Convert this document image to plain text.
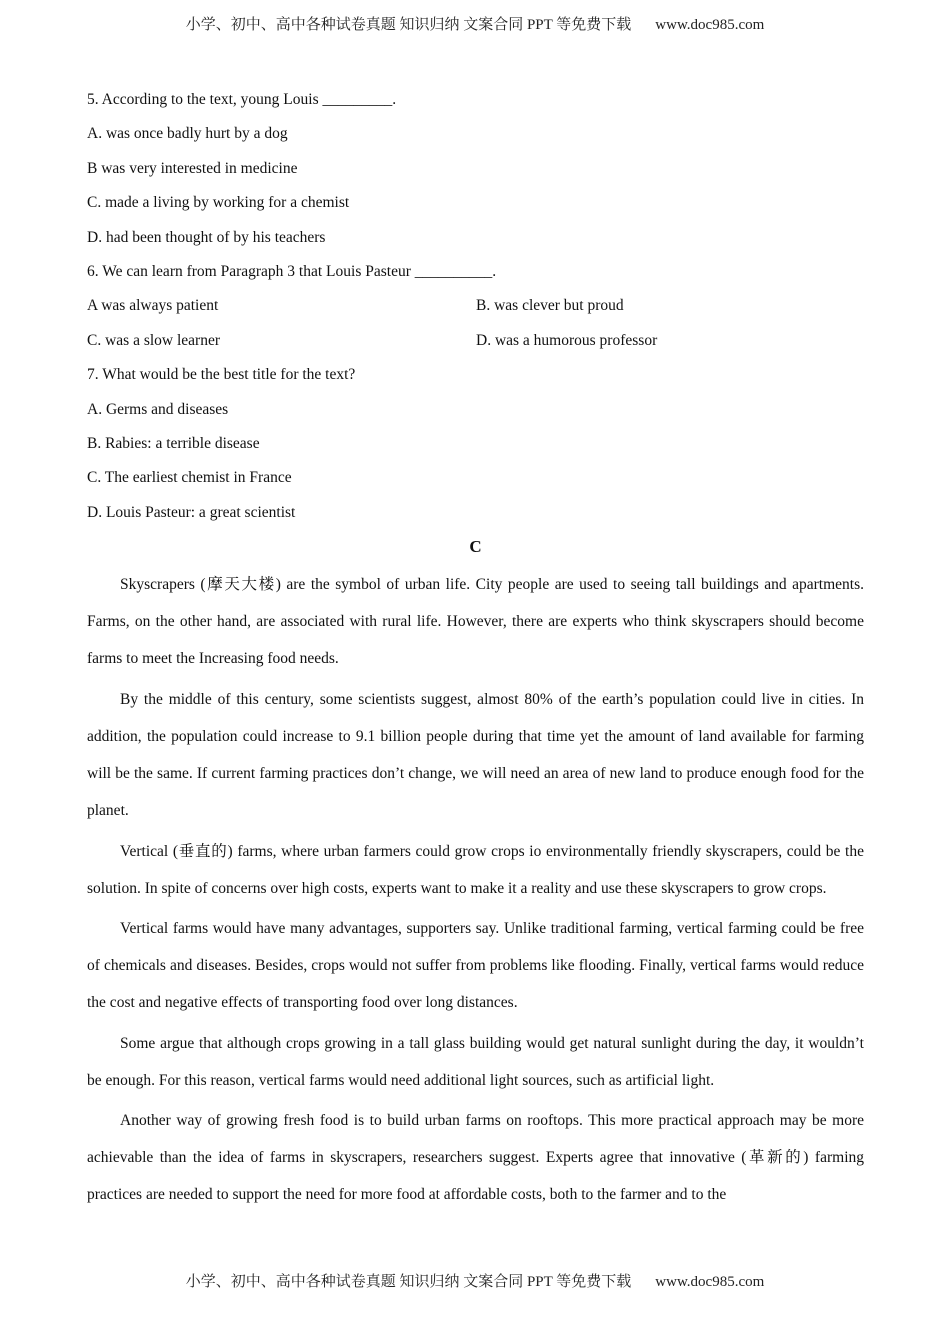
小学、初中、高中各种试卷真题 知识归纳 文案合同 PPT 等免费下载 www.doc985.com
5. According to the text, young Louis _________.
A. was once badly hurt by a dog
B was very interested in medicine
C. made a living by working for a chemist
D. had been thought of by his teachers
6. We can learn from Paragraph 3 that Louis Pasteur __________.
A was always patient	B. was clever but proud
C. was a slow learner	D. was a humorous professor
7. What would be the best title for the text?
A. Germs and diseases
B. Rabies: a terrible disease
C. The earliest chemist in France
D. Louis Pasteur: a great scientist
C

Skyscrapers (摩天大楼) are the symbol of urban life. City people are used to seeing tall buildings and apartments. Farms, on the other hand, are associated with rural life. However, there are experts who think skyscrapers should become farms to meet the Increasing food needs.

By the middle of this century, some scientists suggest, almost 80% of the earth’s population could live in cities. In addition, the population could increase to 9.1 billion people during that time yet the amount of land available for farming will be the same. If current farming practices don’t change, we will need an area of new land to produce enough food for the planet.

Vertical (垂直的) farms, where urban farmers could grow crops io environmentally friendly skyscrapers, could be the solution. In spite of concerns over high costs, experts want to make it a reality and use these skyscrapers to grow crops.

Vertical farms would have many advantages, supporters say. Unlike traditional farming, vertical farming could be free of chemicals and diseases. Besides, crops would not suffer from problems like flooding. Finally, vertical farms would reduce the cost and negative effects of transporting food over long distances.

Some argue that although crops growing in a tall glass building would get natural sunlight during the day, it wouldn’t be enough. For this reason, vertical farms would need additional light sources, such as artificial light.

Another way of growing fresh food is to build urban farms on rooftops. This more practical approach may be more achievable than the idea of farms in skyscrapers, researchers suggest. Experts agree that innovative (革新的) farming practices are needed to support the need for more food at affordable costs, both to the farmer and to the

小学、初中、高中各种试卷真题 知识归纳 文案合同 PPT 等免费下载 www.doc985.com
